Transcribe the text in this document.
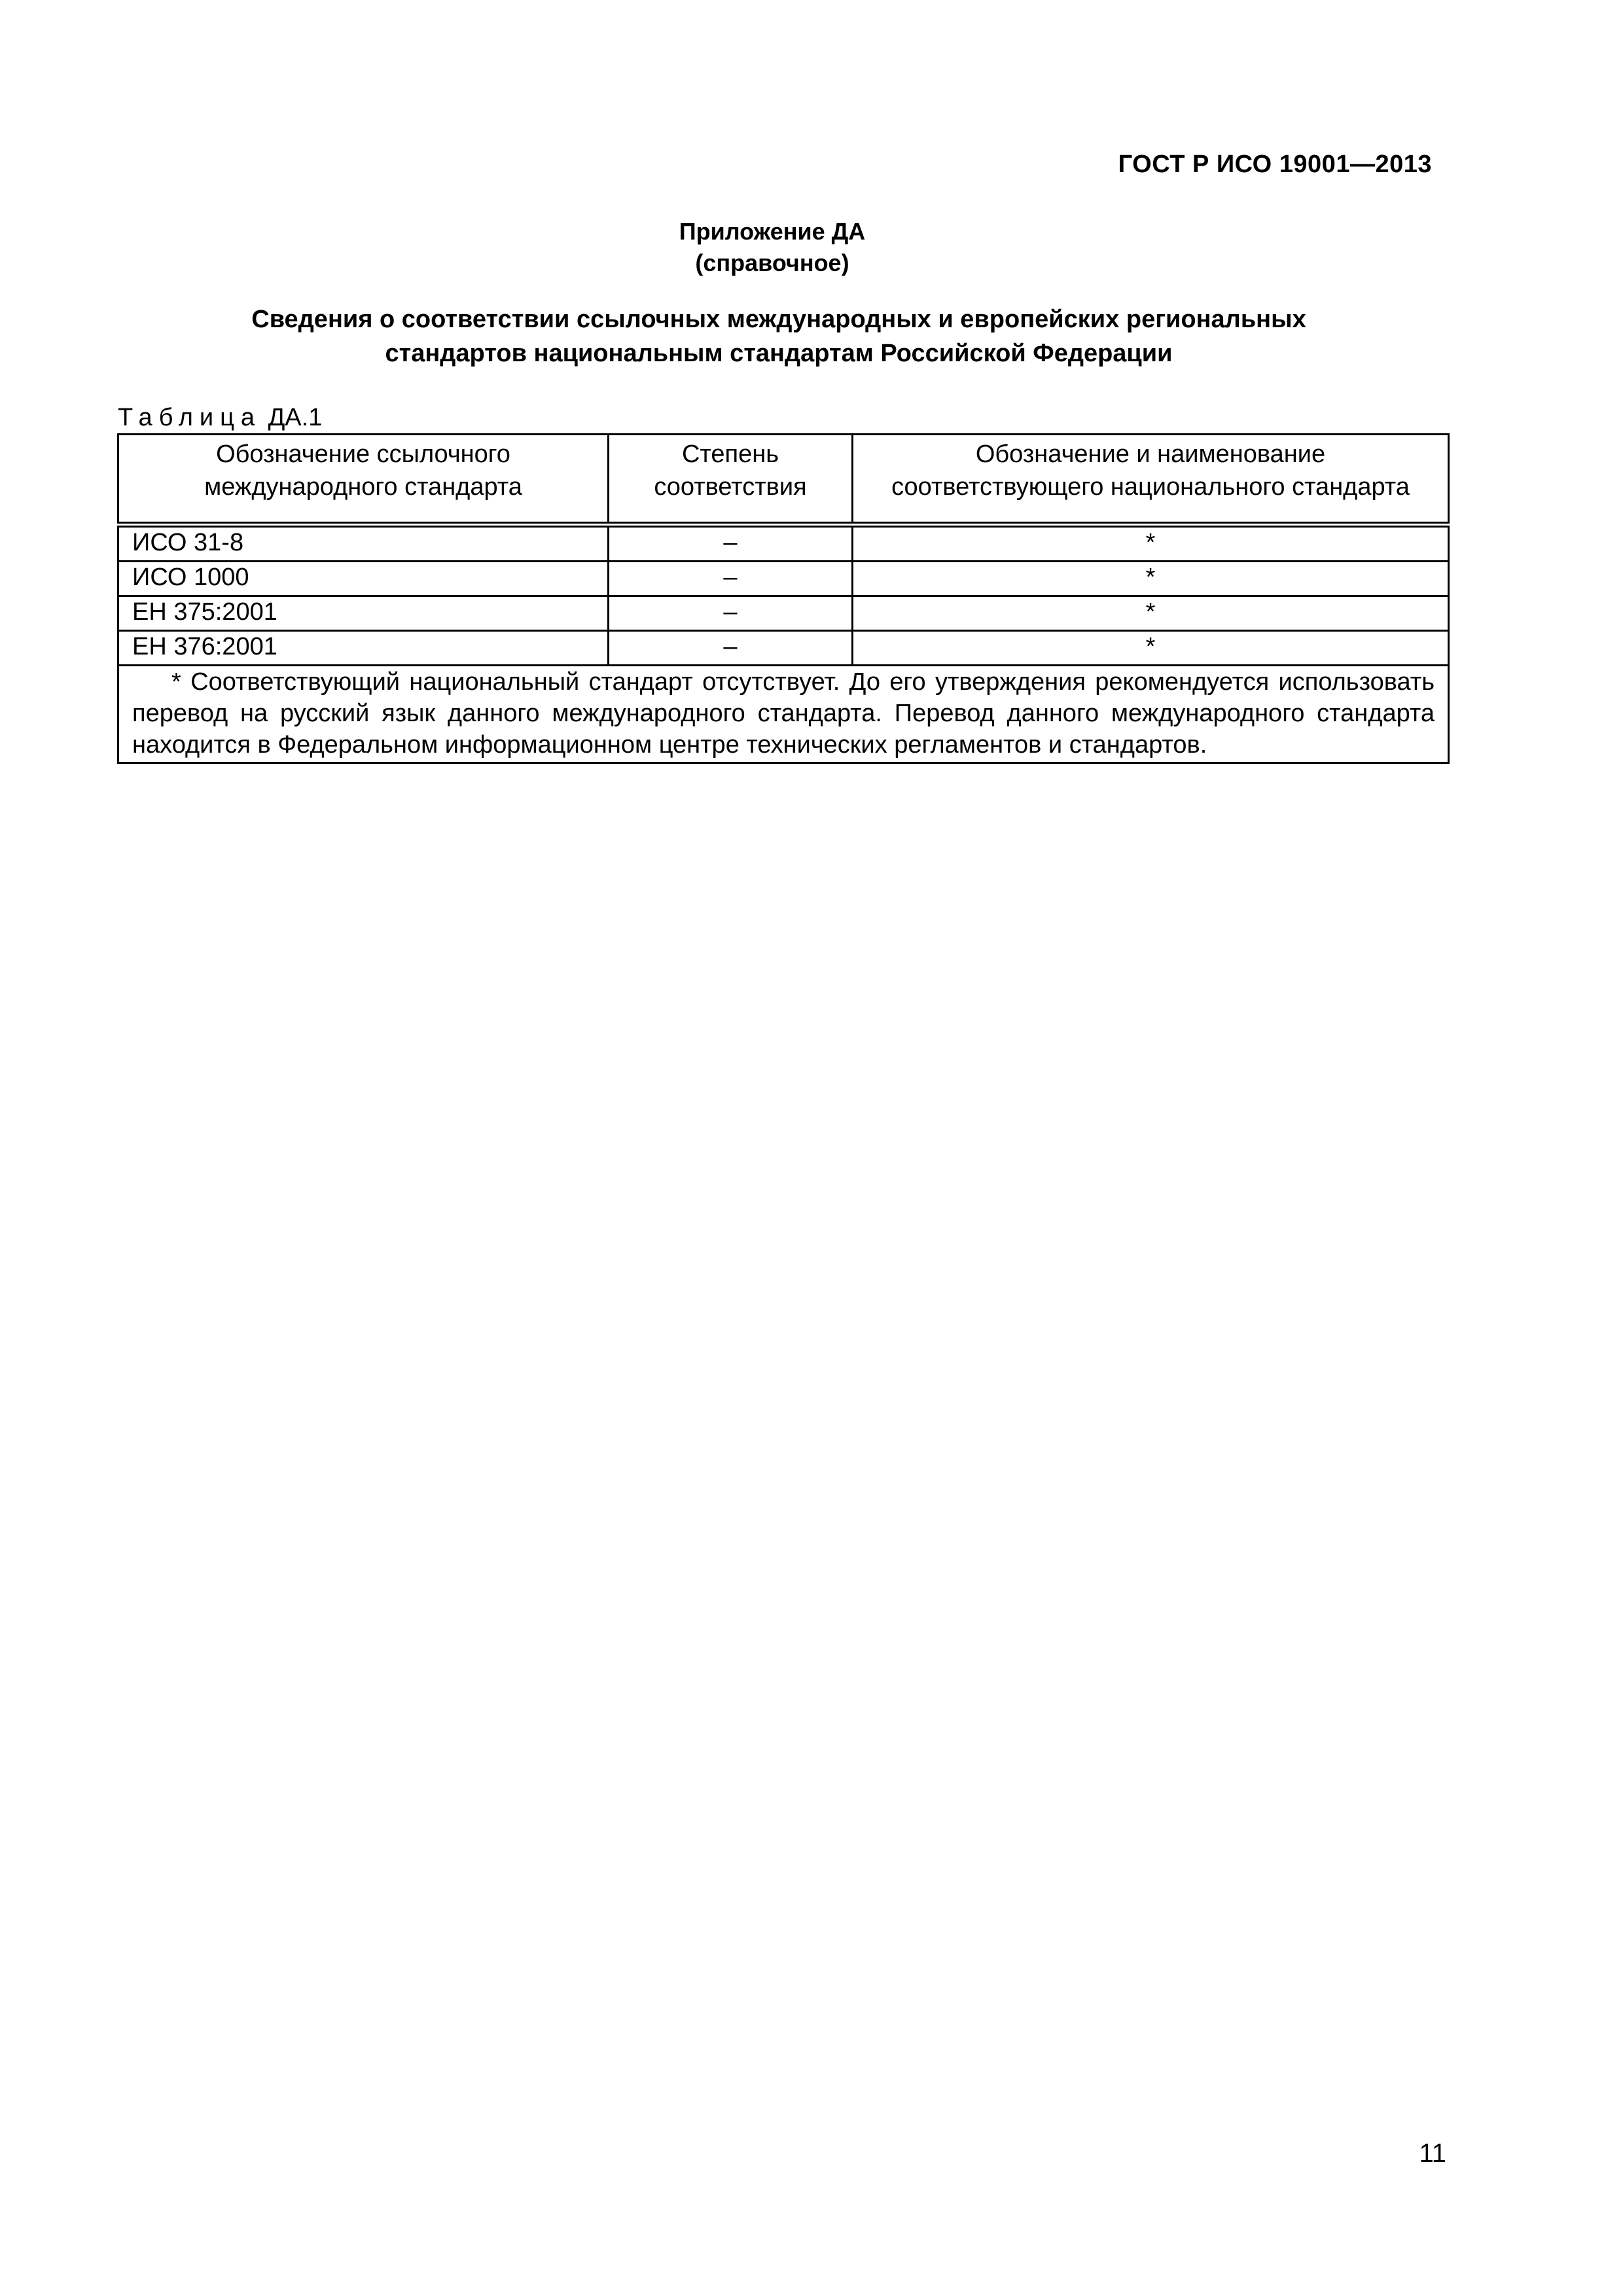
ГОСТ Р ИСО 19001—2013
Приложение ДА
(справочное)
Сведения о соответствии ссылочных международных и европейских региональных
стандартов национальным стандартам Российской Федерации
Таблица ДА.1
Обозначение ссылочного международного стандарта	Степень соответствия	Обозначение и наименование соответствующего национального стандарта
ИСО 31-8	–	*
ИСО 1000	–	*
ЕН 375:2001	–	*
ЕН 376:2001	–	*
* Соответствующий национальный стандарт отсутствует. До его утверждения рекомендуется использовать перевод на русский язык данного международного стандарта. Перевод данного международного стандарта находится в Федеральном информационном центре технических регламентов и стандартов.		
11
